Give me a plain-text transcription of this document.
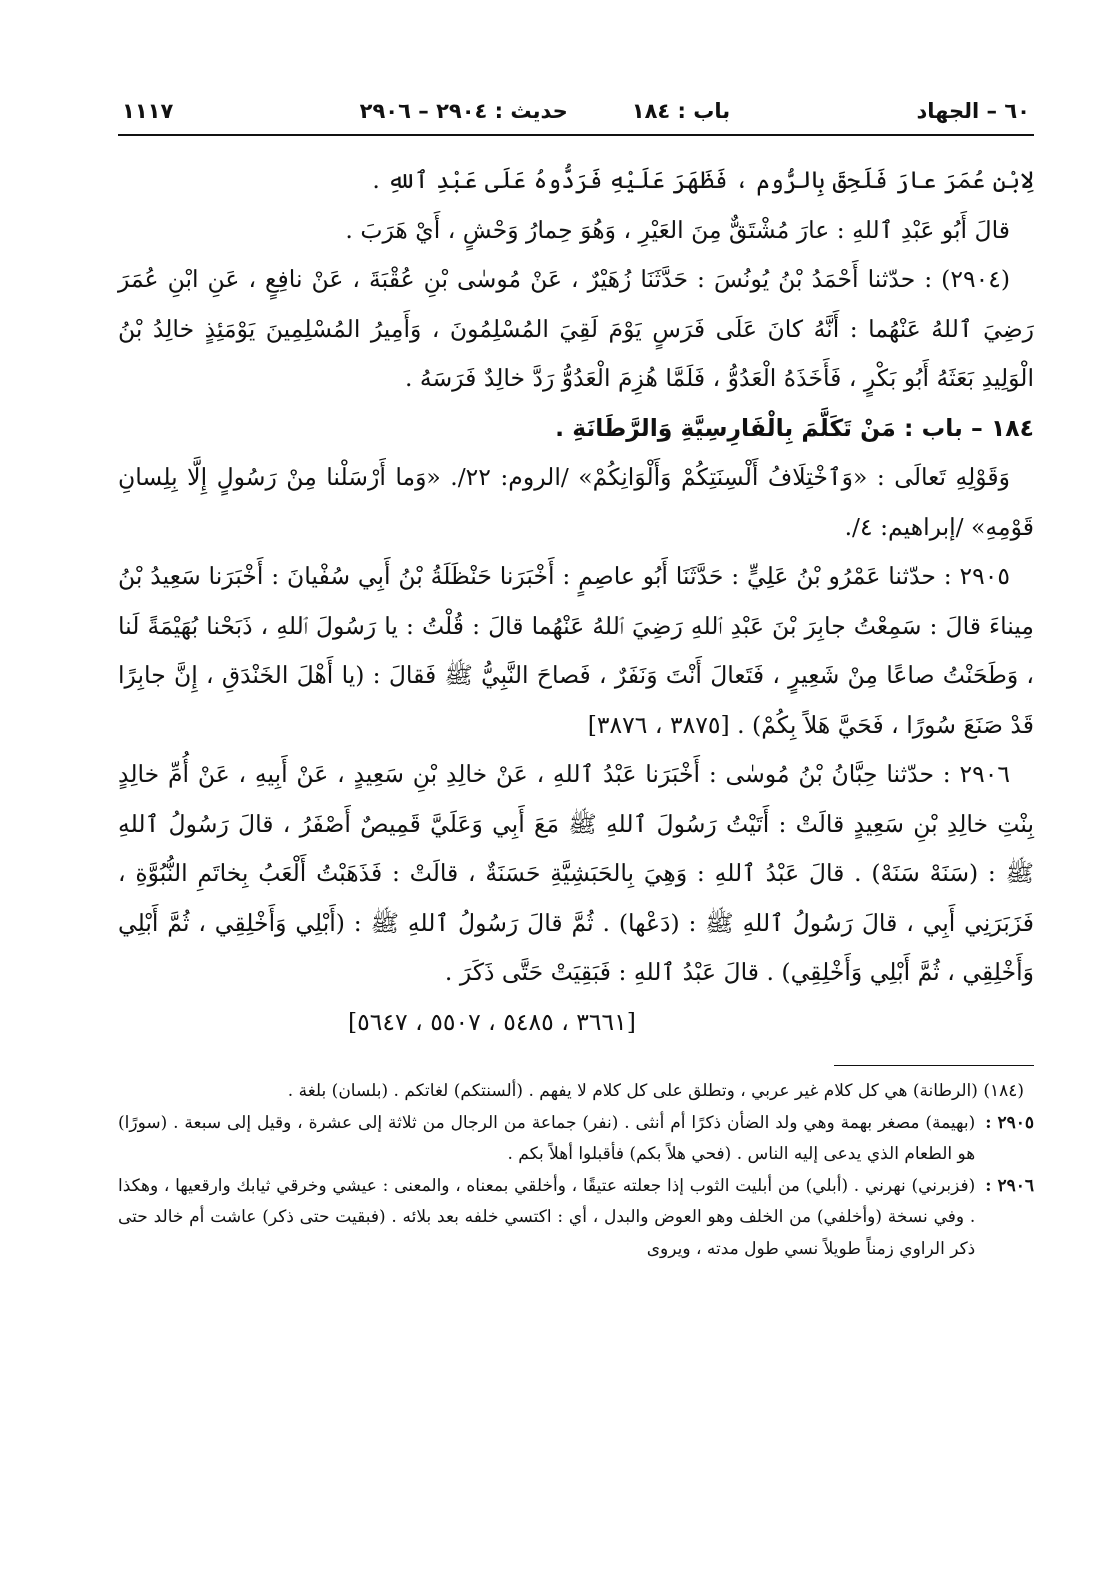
٦٠ – الجهاد
باب : ١٨٤
حديث : ٢٩٠٤ – ٢٩٠٦
١١١٧

لِابْنِ عُمَرَ عارَ فَلَحِقَ بِالرُّوم ، فَظَهَرَ عَلَيْهِ فَرَدُّوهُ عَلَى عَبْدِ ٱللهِ .

قالَ أَبُو عَبْدِ ٱللهِ : عارَ مُشْتَقٌّ مِنَ العَيْرِ ، وَهُوَ حِمارُ وَحْشٍ ، أَيْ هَرَبَ .

(٢٩٠٤) : حدّثنا أَحْمَدُ بْنُ يُونُسَ : حَدَّثَنَا زُهَيْرٌ ، عَنْ مُوسٰى بْنِ عُقْبَةَ ، عَنْ نافِعٍ ، عَنِ ابْنِ عُمَرَ رَضِيَ ٱللهُ عَنْهُما : أَنَّهُ كانَ عَلَى فَرَسٍ يَوْمَ لَقِيَ المُسْلِمُونَ ، وَأَمِيرُ المُسْلِمِينَ يَوْمَئِذٍ خالِدُ بْنُ الْوَلِيدِ بَعَثَهُ أَبُو بَكْرٍ ، فَأَخَذَهُ الْعَدُوُّ ، فَلَمَّا هُزِمَ الْعَدُوُّ رَدَّ خالِدٌ فَرَسَهُ .

١٨٤ – باب : مَنْ تَكَلَّمَ بِالْفَارِسِيَّةِ وَالرَّطَانَةِ .

وَقَوْلِهِ تَعالَى : «وَٱخْتِلَافُ أَلْسِنَتِكُمْ وَأَلْوَانِكُمْ» /الروم: ٢٢/. «وَما أَرْسَلْنا مِنْ رَسُولٍ إِلَّا بِلِسانِ قَوْمِهِ» /إبراهيم: ٤/.

٢٩٠٥ : حدّثنا عَمْرُو بْنُ عَلِيٍّ : حَدَّثَنَا أَبُو عاصِمٍ : أَخْبَرَنا حَنْظَلَةُ بْنُ أَبِي سُفْيانَ : أَخْبَرَنا سَعِيدُ بْنُ مِيناءَ قالَ : سَمِعْتُ جابِرَ بْنَ عَبْدِ ٱللهِ رَضِيَ ٱللهُ عَنْهُما قالَ : قُلْتُ : يا رَسُولَ ٱللهِ ، ذَبَحْنا بُهَيْمَةً لَنا ، وَطَحَنْتُ صاعًا مِنْ شَعِيرٍ ، فَتَعالَ أَنْتَ وَنَفَرٌ ، فَصاحَ النَّبِيُّ ﷺ فَقالَ : (يا أَهْلَ الخَنْدَقِ ، إِنَّ جابِرًا قَدْ صَنَعَ سُورًا ، فَحَيَّ هَلاً بِكُمْ) . [٣٨٧٥ ، ٣٨٧٦]

٢٩٠٦ : حدّثنا حِبَّانُ بْنُ مُوسٰى : أَخْبَرَنا عَبْدُ ٱللهِ ، عَنْ خالِدِ بْنِ سَعِيدٍ ، عَنْ أَبِيهِ ، عَنْ أُمِّ خالِدٍ بِنْتِ خالِدِ بْنِ سَعِيدٍ قالَتْ : أَتَيْتُ رَسُولَ ٱللهِ ﷺ مَعَ أَبِي وَعَلَيَّ قَمِيصٌ أَصْفَرُ ، قالَ رَسُولُ ٱللهِ ﷺ : (سَنَهْ سَنَهْ) . قالَ عَبْدُ ٱللهِ : وَهِيَ بِالحَبَشِيَّةِ حَسَنَةٌ ، قالَتْ : فَذَهَبْتُ أَلْعَبُ بِخاتَمِ النُّبُوَّةِ ، فَزَبَرَنِي أَبِي ، قالَ رَسُولُ ٱللهِ ﷺ : (دَعْها) . ثُمَّ قالَ رَسُولُ ٱللهِ ﷺ : (أَبْلِي وَأَخْلِقِي ، ثُمَّ أَبْلِي وَأَخْلِقِي ، ثُمَّ أَبْلِي وَأَخْلِقِي) . قالَ عَبْدُ ٱللهِ : فَبَقِيَتْ حَتَّى ذَكَرَ .

[٣٦٦١ ، ٥٤٨٥ ، ٥٥٠٧ ، ٥٦٤٧]

(١٨٤) (الرطانة) هي كل كلام غير عربي ، وتطلق على كل كلام لا يفهم . (ألسنتكم) لغاتكم . (بلسان) بلغة .

٢٩٠٥ :

(بهيمة) مصغر بهمة وهي ولد الضأن ذكرًا أم أنثى . (نفر) جماعة من الرجال من ثلاثة إلى عشرة ، وقيل إلى سبعة . (سورًا) هو الطعام الذي يدعى إليه الناس . (فحي هلاً بكم) فأقبلوا أهلاً بكم .

٢٩٠٦ :

(فزبرني) نهرني . (أبلي) من أبليت الثوب إذا جعلته عتيقًا ، وأخلقي بمعناه ، والمعنى : عيشي وخرقي ثيابك وارقعيها ، وهكذا . وفي نسخة (وأخلفي) من الخلف وهو العوض والبدل ، أي : اكتسي خلفه بعد بلائه . (فبقيت حتى ذكر) عاشت أم خالد حتى ذكر الراوي زمناً طويلاً نسي طول مدته ، ويروى
